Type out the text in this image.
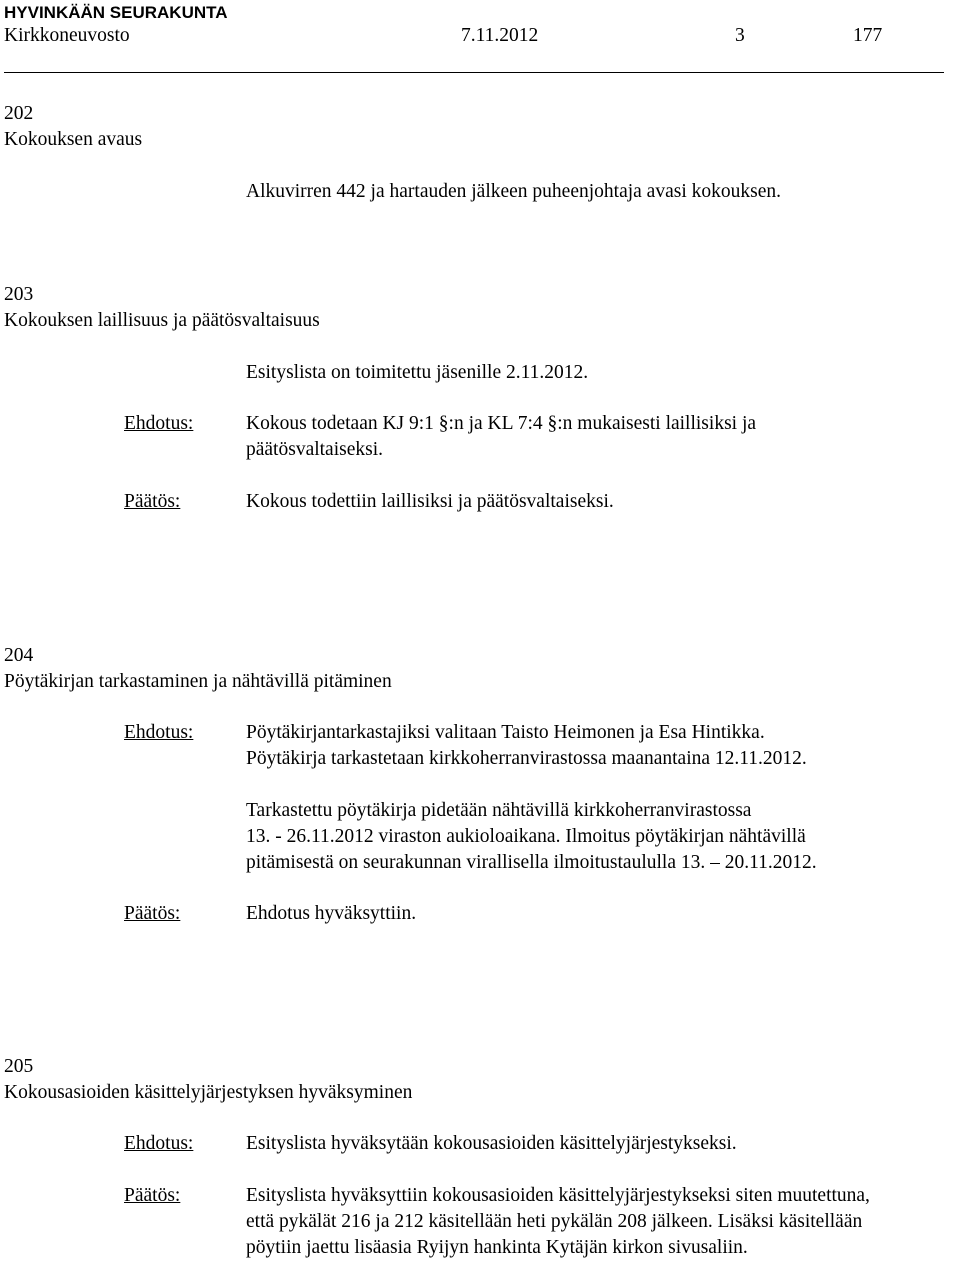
HYVINKÄÄN SEURAKUNTA
Kirkkoneuvosto	7.11.2012	3	177
202
Kokouksen avaus
Alkuvirren 442 ja hartauden jälkeen puheenjohtaja avasi kokouksen.
203
Kokouksen laillisuus ja päätösvaltaisuus
Esityslista on toimitettu jäsenille 2.11.2012.
Ehdotus:	Kokous todetaan KJ 9:1 §:n ja KL 7:4 §:n mukaisesti laillisiksi ja
päätösvaltaiseksi.
Päätös:	Kokous todettiin laillisiksi ja päätösvaltaiseksi.
204
Pöytäkirjan tarkastaminen ja nähtävillä pitäminen
Ehdotus:	Pöytäkirjantarkastajiksi valitaan Taisto Heimonen ja Esa Hintikka.
Pöytäkirja tarkastetaan kirkkoherranvirastossa maanantaina 12.11.2012.
Tarkastettu pöytäkirja pidetään nähtävillä kirkkoherranvirastossa
13. - 26.11.2012 viraston aukioloaikana. Ilmoitus pöytäkirjan nähtävillä
pitämisestä on seurakunnan virallisella ilmoitustaululla 13. – 20.11.2012.
Päätös:	Ehdotus hyväksyttiin.
205
Kokousasioiden käsittelyjärjestyksen hyväksyminen
Ehdotus:	Esityslista hyväksytään kokousasioiden käsittelyjärjestykseksi.
Päätös:	Esityslista hyväksyttiin kokousasioiden käsittelyjärjestykseksi siten muutettuna,
että pykälät 216 ja 212 käsitellään heti pykälän 208 jälkeen. Lisäksi käsitellään
pöytiin jaettu lisäasia Ryijyn hankinta Kytäjän kirkon sivusaliin.
